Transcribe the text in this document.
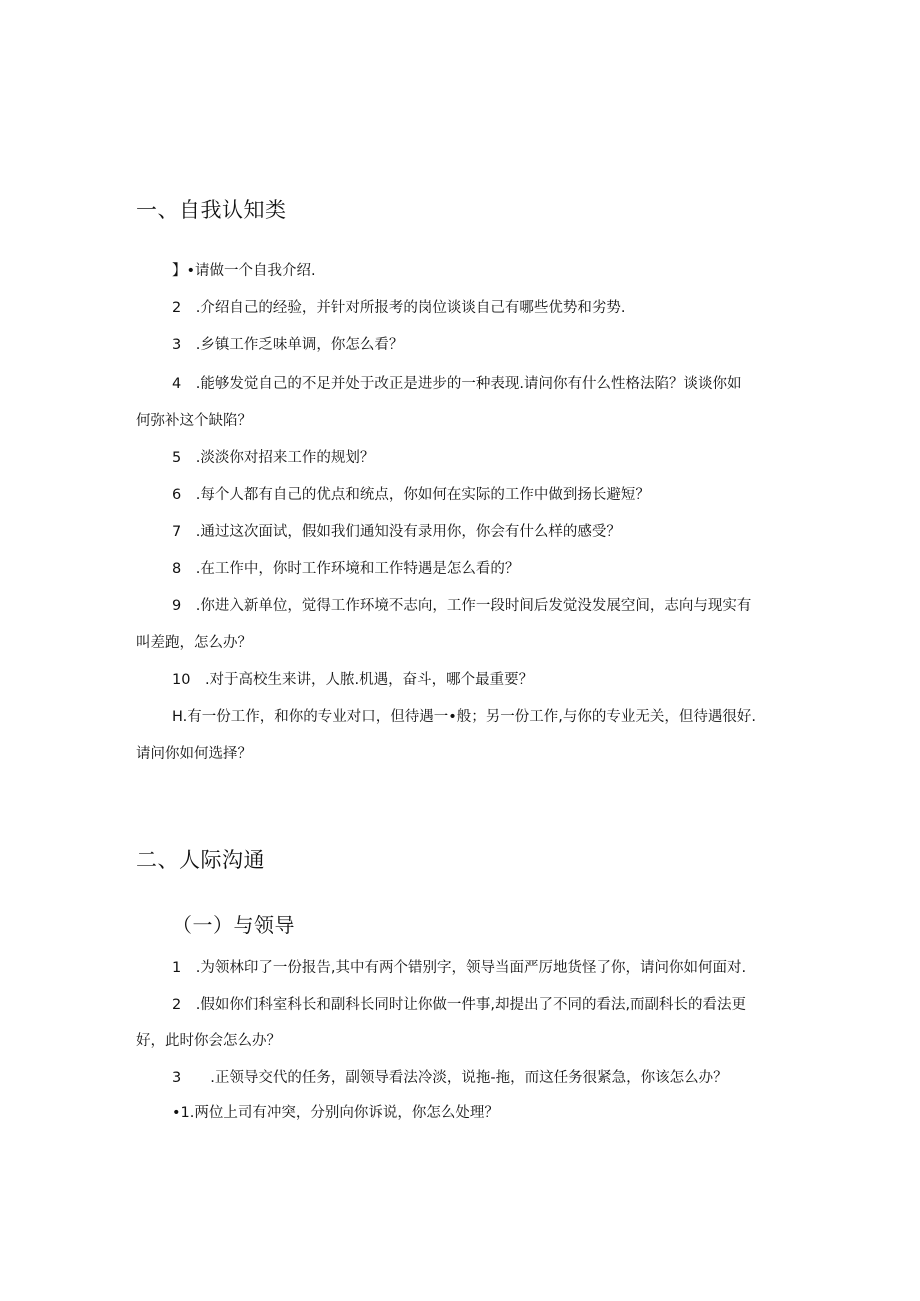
一、自我认知类
】•请做一个自我介绍.
2　.介绍自己的经验，并针对所报考的岗位谈谈自己有哪些优势和劣势.
3　.乡镇工作乏味单调，你怎么看？
4　.能够发觉自己的不足并处于改正是进步的一种表现.请问你有什么性格法陷？谈谈你如
何弥补这个缺陷？
5　.淡淡你对招来工作的规划？
6　.每个人都有自己的优点和统点，你如何在实际的工作中做到扬长避短？
7　.通过这次面试，假如我们通知没有录用你，你会有什么样的感受？
8　.在工作中，你时工作环境和工作特遇是怎么看的？
9　.你进入新单位，觉得工作环境不志向，工作一段时间后发觉没发展空间，志向与现实有
叫差跑，怎么办？
10　.对于高校生来讲，人脓.机遇，奋斗，哪个最重要？
H.有一份工作，和你的专业对口，但待遇一•般；另一份工作,与你的专业无关，但待遇很好.
请问你如何选择？
二、人际沟通
（一）与领导
1　.为领林印了一份报告,其中有两个错别字，领导当面严厉地货怪了你，请问你如何面对.
2　.假如你们科室科长和副科长同时让你做一件事,却提出了不同的看法,而副科长的看法更
好，此时你会怎么办？
3　　.正领导交代的任务，副领导看法冷淡，说拖-拖，而这任务很紧急，你该怎么办？
•1.两位上司有冲突，分别向你诉说，你怎么处理？
